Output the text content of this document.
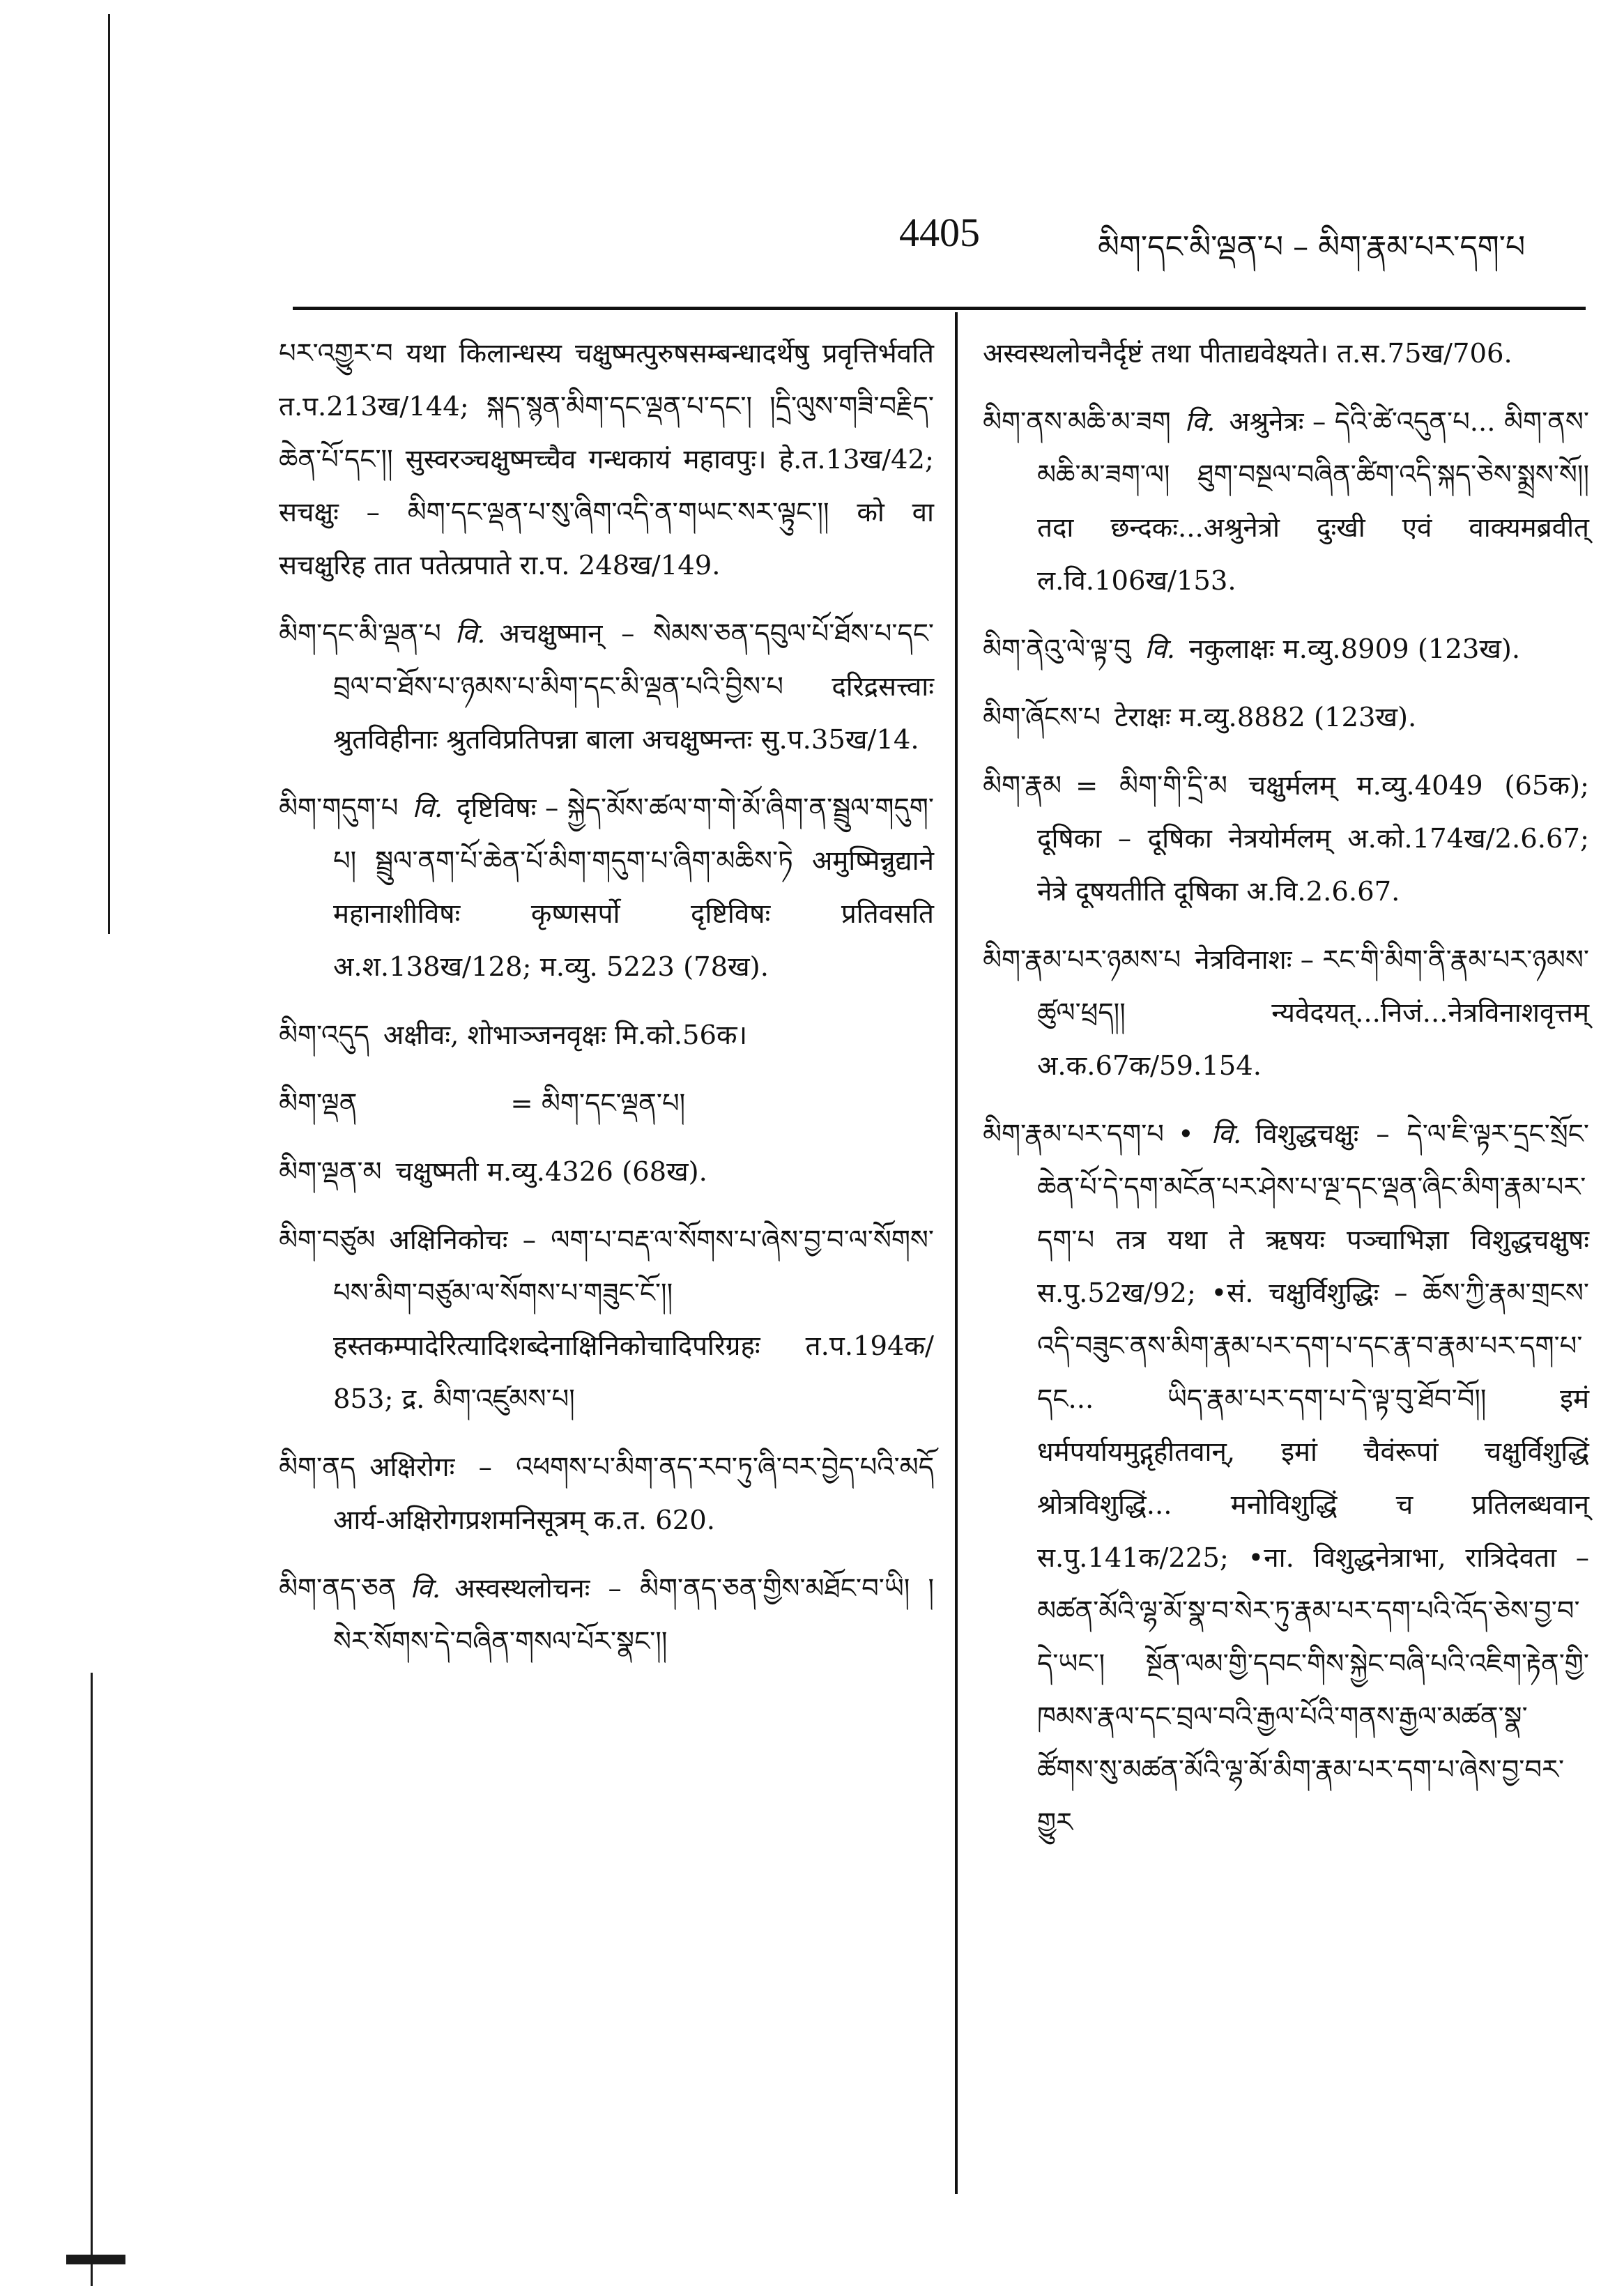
4405	མིག་དང་མི་ལྡན་པ – མིག་རྣམ་པར་དག་པ

པར་འགྱུར་བ यथा किलान्धस्य चक्षुष्मत्पुरुषसम्बन्धादर्थेषु प्रवृत्तिर्भवति त.प.213ख/144; སྐད་སྙན་མིག་དང་ལྡན་པ་དང་། །དྲི་ལུས་གཟི་བརྗིད་ཆེན་པོ་དང་།། सुस्वरञ्चक्षुष्मच्चैव गन्धकायं महावपुः। हे.त.13ख/42; सचक्षुः – མིག་དང་ལྡན་པ་སུ་ཞིག་འདི་ན་གཡང་སར་ལྟུང་།། को वा सचक्षुरिह तात पतेत्प्रपाते रा.प. 248ख/149.

མིག་དང་མི་ལྡན་པ वि. अचक्षुष्मान् – སེམས་ཅན་དབུལ་པོ་ཐོས་པ་དང་བྲལ་བ་ཐོས་པ་ཉམས་པ་མིག་དང་མི་ལྡན་པའི་བྱིས་པ दरिद्रसत्त्वाः श्रुतविहीनाः श्रुतविप्रतिपन्ना बाला अचक्षुष्मन्तः सु.प.35ख/14.

མིག་གདུག་པ वि. दृष्टिविषः – སྐྱེད་མོས་ཚལ་ག་གེ་མོ་ཞིག་ན་སྦྲུལ་གདུག་པ། སྦྲུལ་ནག་པོ་ཆེན་པོ་མིག་གདུག་པ་ཞིག་མཆིས་ཏེ अमुष्मिन्नुद्याने महानाशीविषः कृष्णसर्पो दृष्टिविषः प्रतिवसति अ.श.138ख/128; म.व्यु. 5223 (78ख).

མིག་འདུད अक्षीवः, शोभाञ्जनवृक्षः मि.को.56क।

མིག་ལྡན	= མིག་དང་ལྡན་པ།

མིག་ལྡན་མ चक्षुष्मती म.व्यु.4326 (68ख).

མིག་བཙུམ अक्षिनिकोचः – ལག་པ་བརྡ་ལ་སོགས་པ་ཞེས་བྱ་བ་ལ་སོགས་པས་མིག་བཙུམ་ལ་སོགས་པ་གཟུང་ངོ་།། हस्तकम्पादेरित्यादिशब्देनाक्षिनिकोचादिपरिग्रहः त.प.194क/ 853; द्र. མིག་འཛུམས་པ།

མིག་ནད अक्षिरोगः – འཕགས་པ་མིག་ནད་རབ་ཏུ་ཞི་བར་བྱེད་པའི་མདོ आर्य-अक्षिरोगप्रशमनिसूत्रम् क.त. 620.

མིག་ནད་ཅན वि. अस्वस्थलोचनः – མིག་ནད་ཅན་གྱིས་མཐོང་བ་ཡི། །སེར་སོགས་དེ་བཞིན་གསལ་པོར་སྣང་།།

अस्वस्थलोचनैर्दृष्टं तथा पीताद्यवेक्ष्यते। त.स.75ख/706.

མིག་ནས་མཆི་མ་ཟག वि. अश्रुनेत्रः – དེའི་ཚེ་འདུན་པ... མིག་ནས་མཆི་མ་ཟག་ལ། ཐུག་བསྔལ་བཞིན་ཚིག་འདི་སྐད་ཅེས་སྨྲས་སོ།། तदा छन्दकः...अश्रुनेत्रो दुःखी एवं वाक्यमब्रवीत् ल.वि.106ख/153.

མིག་ནེའུ་ལེ་ལྟ་བུ वि. नकुलाक्षः म.व्यु.8909 (123ख).

མིག་ཞོངས་པ टेराक्षः म.व्यु.8882 (123ख).

མིག་རྣམ = མིག་གི་དྲི་མ चक्षुर्मलम् म.व्यु.4049 (65क); दूषिका – दूषिका नेत्रयोर्मलम् अ.को.174ख/2.6.67; नेत्रे दूषयतीति दूषिका अ.वि.2.6.67.

མིག་རྣམ་པར་ཉམས་པ नेत्रविनाशः – རང་གི་མིག་ནི་རྣམ་པར་ཉམས་ཚུལ་ཕྲད།། न्यवेदयत्...निजं...नेत्रविनाशवृत्तम् अ.क.67क/59.154.

མིག་རྣམ་པར་དག་པ • वि. विशुद्धचक्षुः – དེ་ལ་ཇི་ལྟར་དྲང་སྲོང་ཆེན་པོ་དེ་དག་མངོན་པར་ཤེས་པ་ལྔ་དང་ལྡན་ཞིང་མིག་རྣམ་པར་དག་པ तत्र यथा ते ऋषयः पञ्चाभिज्ञा विशुद्धचक्षुषः स.पु.52ख/92; •सं. चक्षुर्विशुद्धिः – ཆོས་ཀྱི་རྣམ་གྲངས་འདི་བཟུང་ནས་མིག་རྣམ་པར་དག་པ་དང་རྣ་བ་རྣམ་པར་དག་པ་དང... ཡིད་རྣམ་པར་དག་པ་དེ་ལྟ་བུ་ཐོབ་བོ།། इमं धर्मपर्यायमुद्गृहीतवान्, इमां चैवंरूपां चक्षुर्विशुद्धिं श्रोत्रविशुद्धिं... मनोविशुद्धिं च प्रतिलब्धवान् स.पु.141क/225; •ना. विशुद्धनेत्राभा, रात्रिदेवता – མཚན་མོའི་ལྷ་མོ་སྣ་བ་སེར་ཏུ་རྣམ་པར་དག་པའི་འོད་ཅེས་བྱ་བ་དེ་ཡང་། སྔོན་ལམ་གྱི་དབང་གིས་སྐྱེང་བཞི་པའི་འཇིག་རྟེན་གྱི་ཁམས་རྣལ་དང་བྲལ་བའི་རྒྱལ་པོའི་གནས་རྒྱལ་མཚན་སྣ་ཚོགས་སུ་མཚན་མོའི་ལྷ་མོ་མིག་རྣམ་པར་དག་པ་ཞེས་བྱ་བར་གྱུར
